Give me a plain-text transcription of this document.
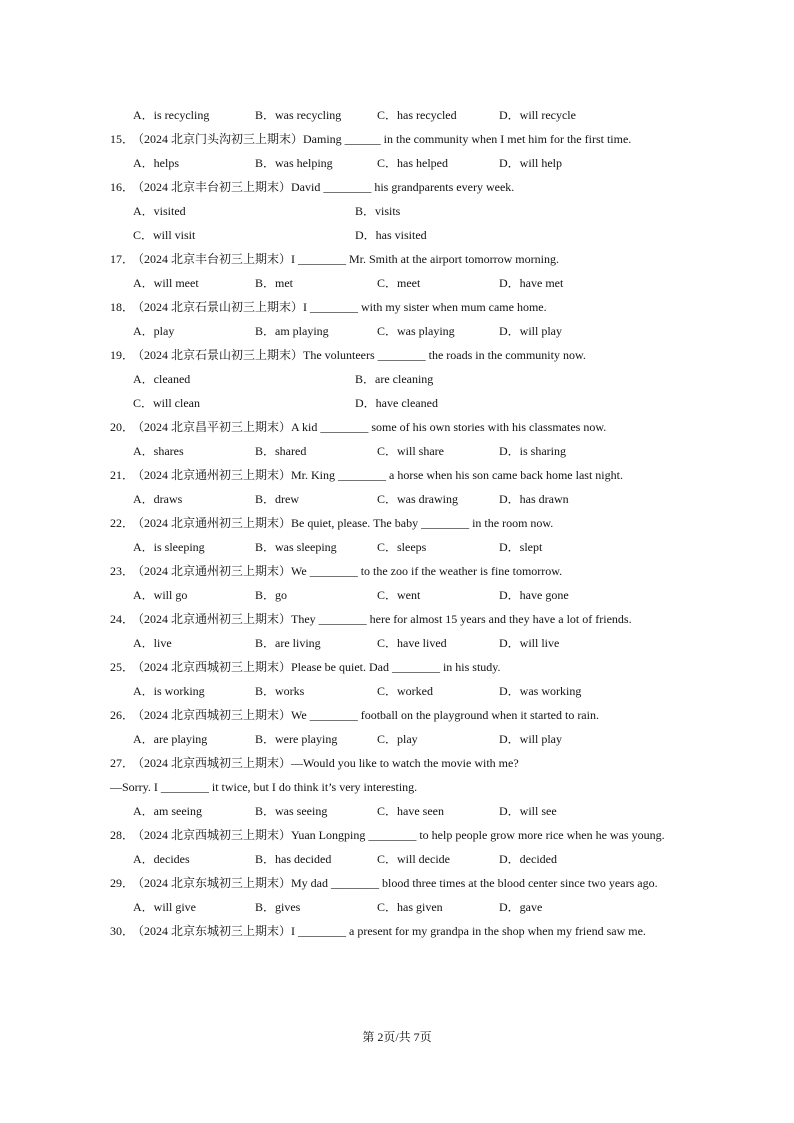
A．is recycling	B．was recycling	C．has recycled	D．will recycle
15．（2024 北京门头沟初三上期末）Daming ______ in the community when I met him for the first time.
A．helps	B．was helping	C．has helped	D．will help
16．（2024 北京丰台初三上期末）David ________ his grandparents every week.
A．visited	B．visits
C．will visit	D．has visited
17．（2024 北京丰台初三上期末）I ________ Mr. Smith at the airport tomorrow morning.
A．will meet	B．met	C．meet	D．have met
18．（2024 北京石景山初三上期末）I ________ with my sister when mum came home.
A．play	B．am playing	C．was playing	D．will play
19．（2024 北京石景山初三上期末）The volunteers ________ the roads in the community now.
A．cleaned	B．are cleaning
C．will clean	D．have cleaned
20．（2024 北京昌平初三上期末）A kid ________ some of his own stories with his classmates now.
A．shares	B．shared	C．will share	D．is sharing
21．（2024 北京通州初三上期末）Mr. King ________ a horse when his son came back home last night.
A．draws	B．drew	C．was drawing	D．has drawn
22．（2024 北京通州初三上期末）Be quiet, please. The baby ________ in the room now.
A．is sleeping	B．was sleeping	C．sleeps	D．slept
23．（2024 北京通州初三上期末）We ________ to the zoo if the weather is fine tomorrow.
A．will go	B．go	C．went	D．have gone
24．（2024 北京通州初三上期末）They ________ here for almost 15 years and they have a lot of friends.
A．live	B．are living	C．have lived	D．will live
25．（2024 北京西城初三上期末）Please be quiet. Dad ________ in his study.
A．is working	B．works	C．worked	D．was working
26．（2024 北京西城初三上期末）We ________ football on the playground when it started to rain.
A．are playing	B．were playing	C．play	D．will play
27．（2024 北京西城初三上期末）—Would you like to watch the movie with me?
—Sorry. I ________ it twice, but I do think it’s very interesting.
A．am seeing	B．was seeing	C．have seen	D．will see
28．（2024 北京西城初三上期末）Yuan Longping ________ to help people grow more rice when he was young.
A．decides	B．has decided	C．will decide	D．decided
29．（2024 北京东城初三上期末）My dad ________ blood three times at the blood center since two years ago.
A．will give	B．gives	C．has given	D．gave
30．（2024 北京东城初三上期末）I ________ a present for my grandpa in the shop when my friend saw me.
第 2页/共 7页
